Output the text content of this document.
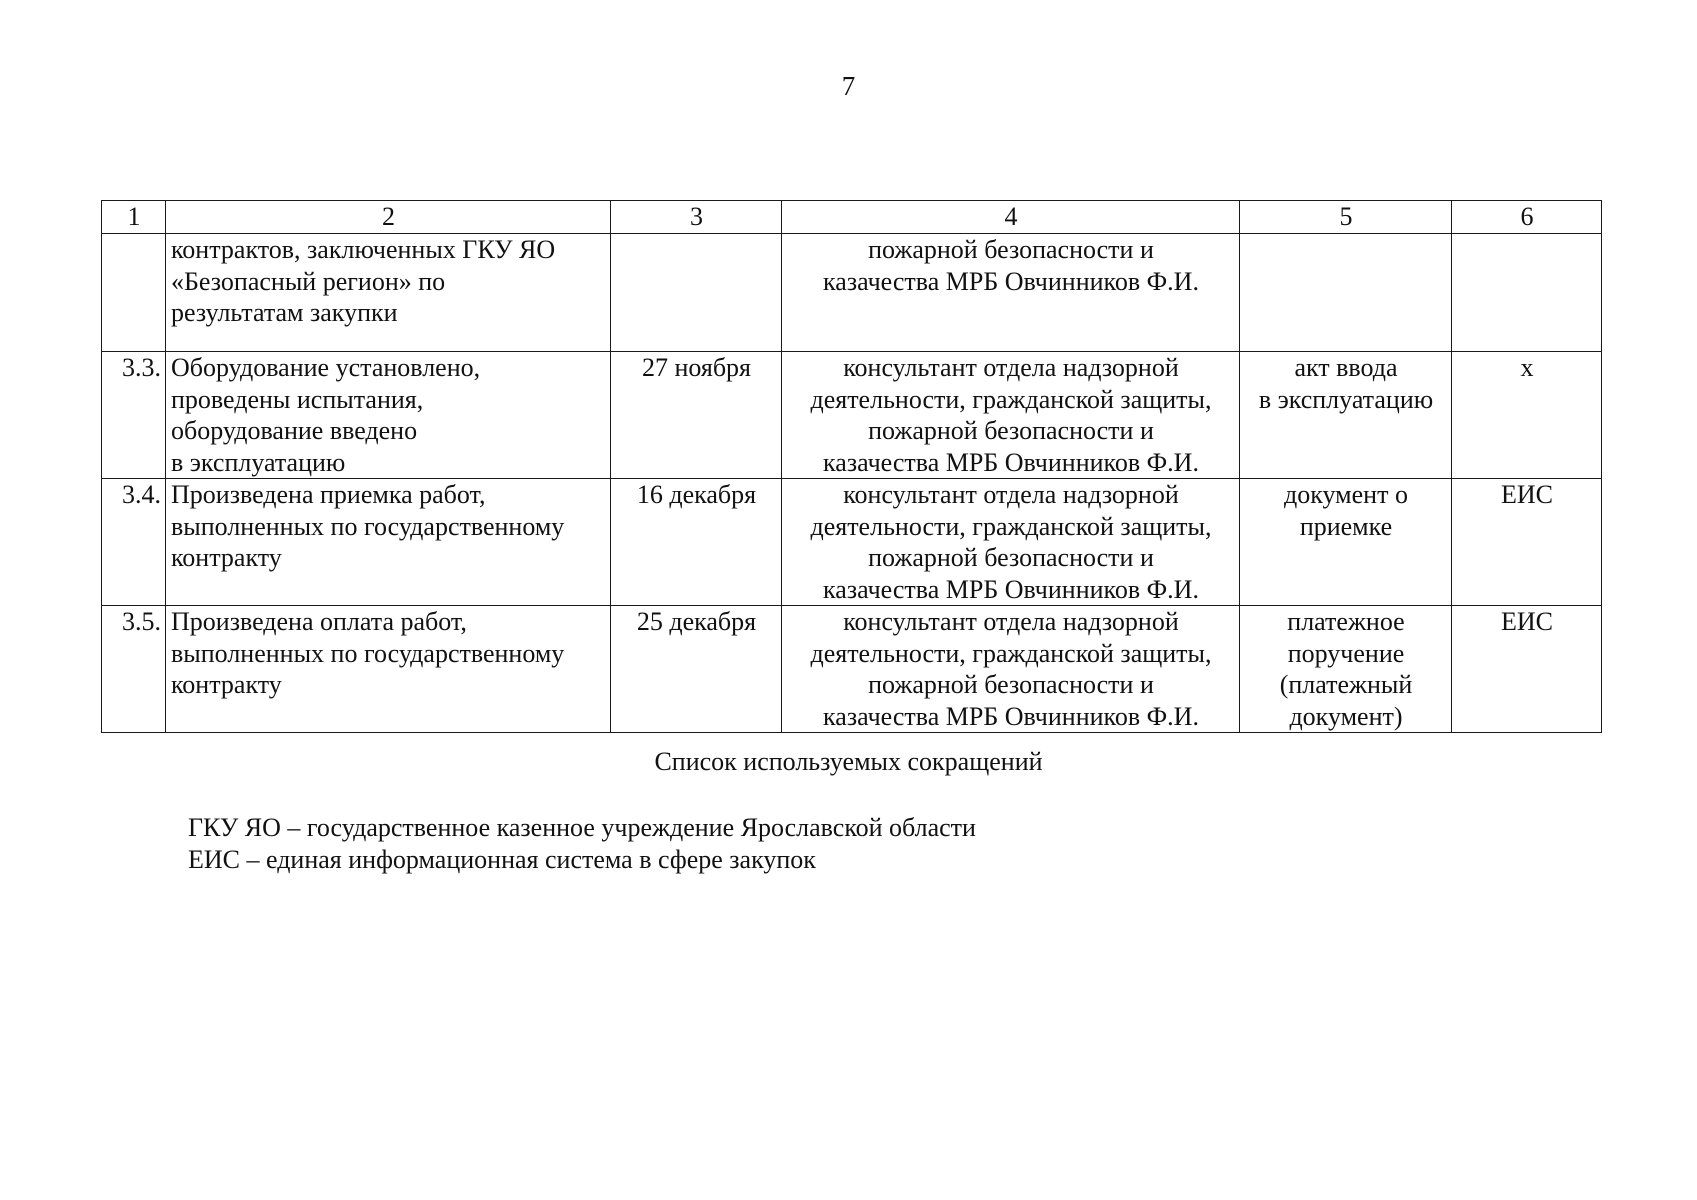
7
1	2	3	4	5	6

	контрактов, заключенных ГКУ ЯО
«Безопасный регион» по
результатам закупки		пожарной безопасности и
казачества МРБ Овчинников Ф.И.		

3.3.	Оборудование установлено,
проведены испытания,
оборудование введено
в эксплуатацию	27 ноября	консультант отдела надзорной
деятельности, гражданской защиты,
пожарной безопасности и
казачества МРБ Овчинников Ф.И.	акт ввода
в эксплуатацию	х
3.4.	Произведена приемка работ,
выполненных по государственному
контракту	16 декабря	консультант отдела надзорной
деятельности, гражданской защиты,
пожарной безопасности и
казачества МРБ Овчинников Ф.И.	документ о
приемке	ЕИС
3.5.	Произведена оплата работ,
выполненных по государственному
контракту	25 декабря	консультант отдела надзорной
деятельности, гражданской защиты,
пожарной безопасности и
казачества МРБ Овчинников Ф.И.	платежное
поручение
(платежный
документ)	ЕИС
Список используемых сокращений
ГКУ ЯО – государственное казенное учреждение Ярославской области
ЕИС – единая информационная система в сфере закупок
